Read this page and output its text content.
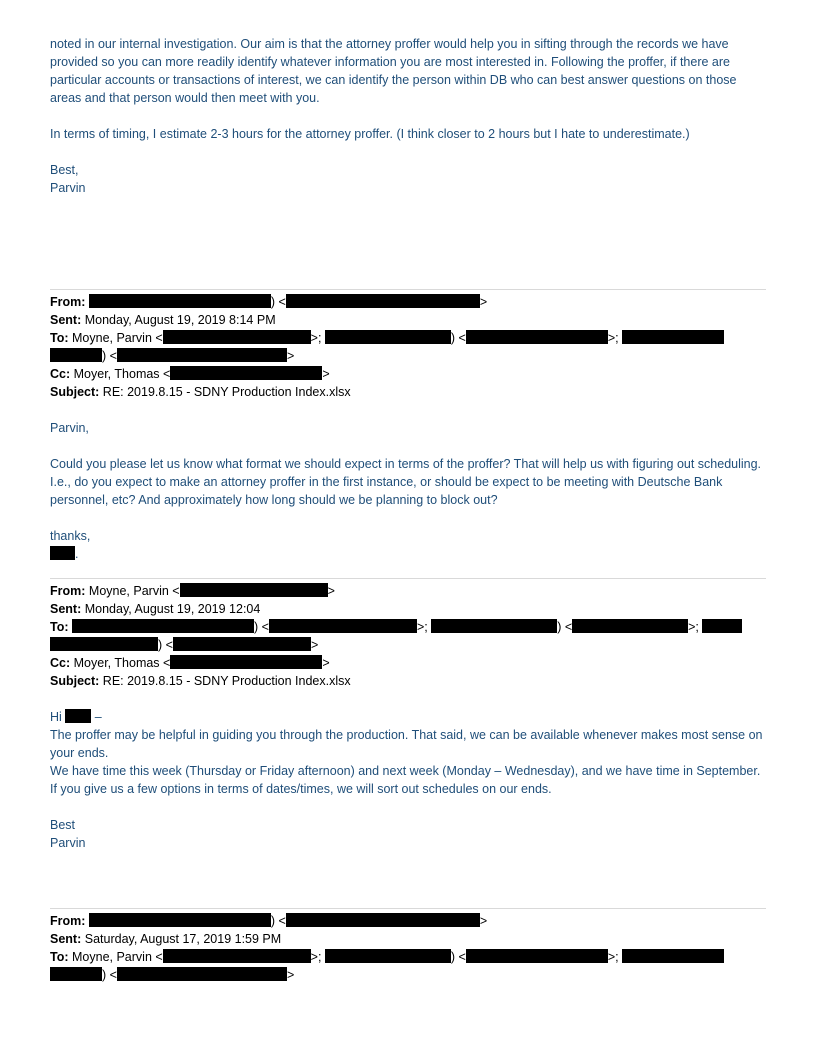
noted in our internal investigation. Our aim is that the attorney proffer would help you in sifting through the records we have provided so you can more readily identify whatever information you are most interested in. Following the proffer, if there are particular accounts or transactions of interest, we can identify the person within DB who can best answer questions on those areas and that person would then meet with you.

In terms of timing, I estimate 2-3 hours for the attorney proffer. (I think closer to 2 hours but I hate to underestimate.)

Best,

Parvin

From:	) <	>

Sent: Monday, August 19, 2019 8:14 PM

To: Moyne, Parvin <	>;	) <	>;

) <	>

Cc: Moyer, Thomas <	>

Subject: RE: 2019.8.15 - SDNY Production Index.xlsx

Parvin,

Could you please let us know what format we should expect in terms of the proffer? That will help us with figuring out scheduling. I.e., do you expect to make an attorney proffer in the first instance, or should be expect to be meeting with Deutsche Bank personnel, etc? And approximately how long should we be planning to block out?

thanks,

.

From: Moyne, Parvin <	>

Sent: Monday, August 19, 2019 12:04

To:	) <	>;	) <	>;

) <	>

Cc: Moyer, Thomas <	>

Subject: RE: 2019.8.15 - SDNY Production Index.xlsx

Hi  –

The proffer may be helpful in guiding you through the production. That said, we can be available whenever makes most sense on your ends.

We have time this week (Thursday or Friday afternoon) and next week (Monday – Wednesday), and we have time in September. If you give us a few options in terms of dates/times, we will sort out schedules on our ends.

Best

Parvin

From:	) <	>

Sent: Saturday, August 17, 2019 1:59 PM

To: Moyne, Parvin <	>;	) <	>;

) <	>
